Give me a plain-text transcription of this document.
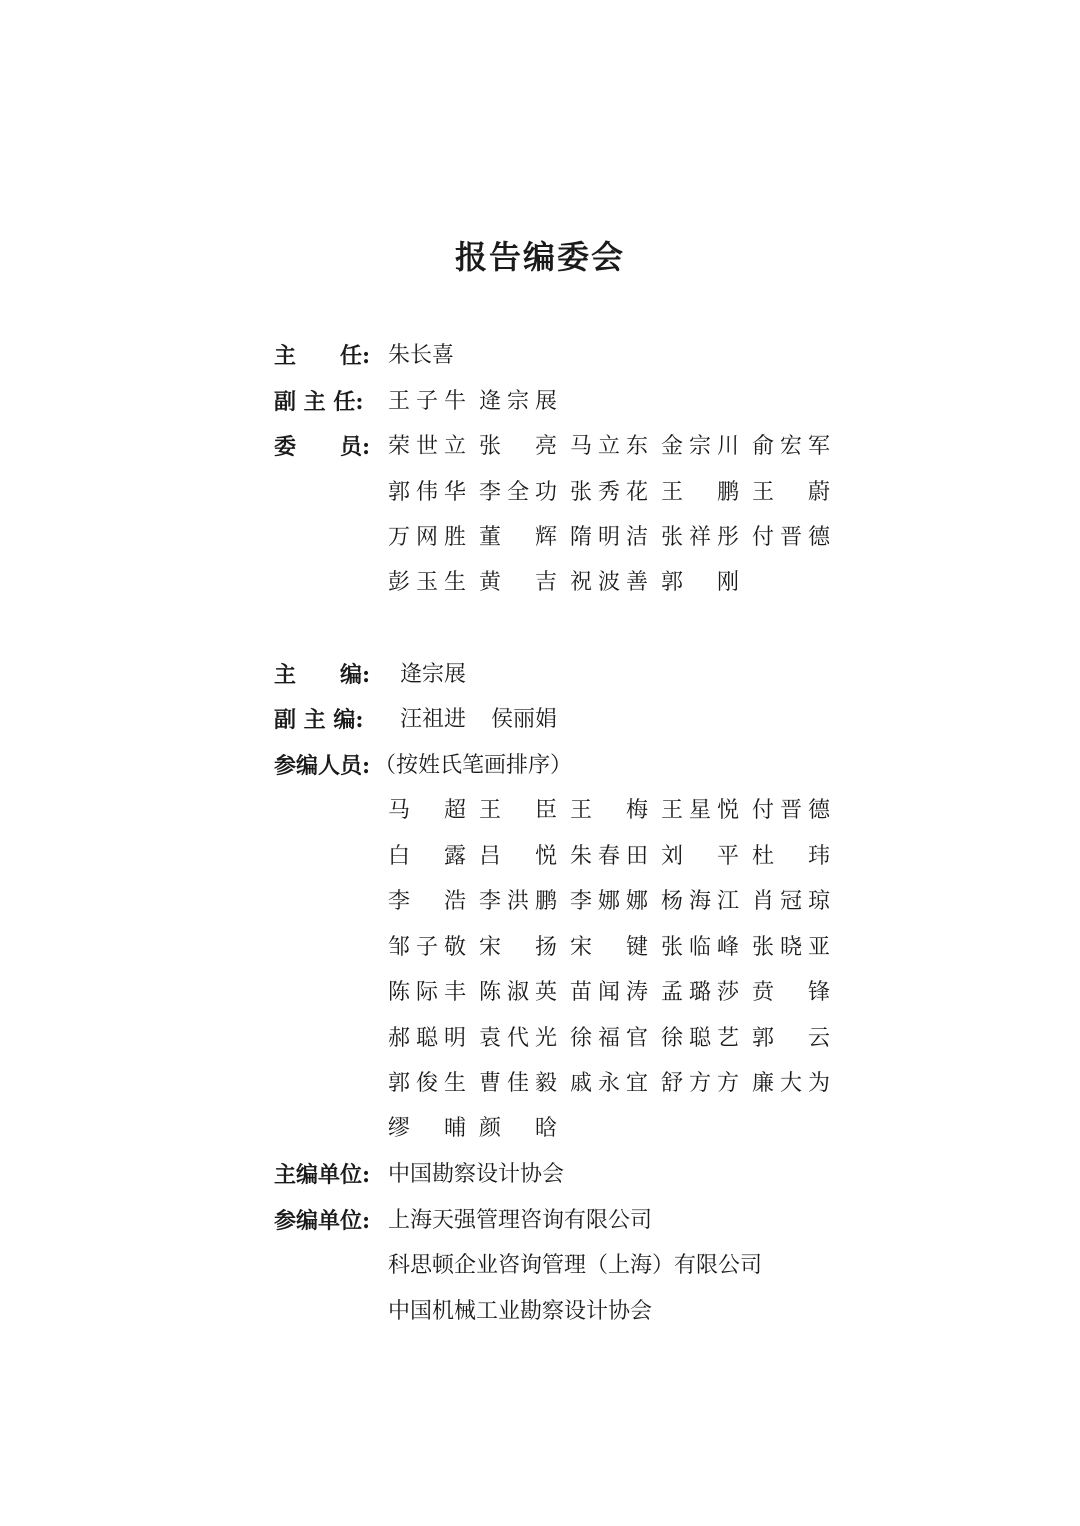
报告编委会
主　　任: 朱长喜
副 主 任:	王子牛 逄宗展
委　　员: 荣世立 张　亮 马立东 金宗川 俞宏军
郭伟华 李全功 张秀花 王　鹏 王　蔚
万网胜 董　辉 隋明洁 张祥彤 付晋德
彭玉生 黄　吉 祝波善 郭　刚
主　　编:	逄宗展
副 主 编:	汪祖进 侯丽娟
参编人员: （按姓氏笔画排序）
马　超 王　臣 王　梅 王星悦 付晋德
白　露 吕　悦 朱春田 刘　平 杜　玮
李　浩 李洪鹏 李娜娜 杨海江 肖冠琼
邹子敬 宋　扬 宋　键 张临峰 张晓亚
陈际丰 陈淑英 苗闻涛 孟璐莎 贲　锋
郝聪明 袁代光 徐福官 徐聪艺 郭　云
郭俊生 曹佳毅 戚永宜 舒方方 廉大为
缪　晡 颜　晗
主编单位: 中国勘察设计协会
参编单位: 上海天强管理咨询有限公司
科思顿企业咨询管理（上海）有限公司
中国机械工业勘察设计协会
